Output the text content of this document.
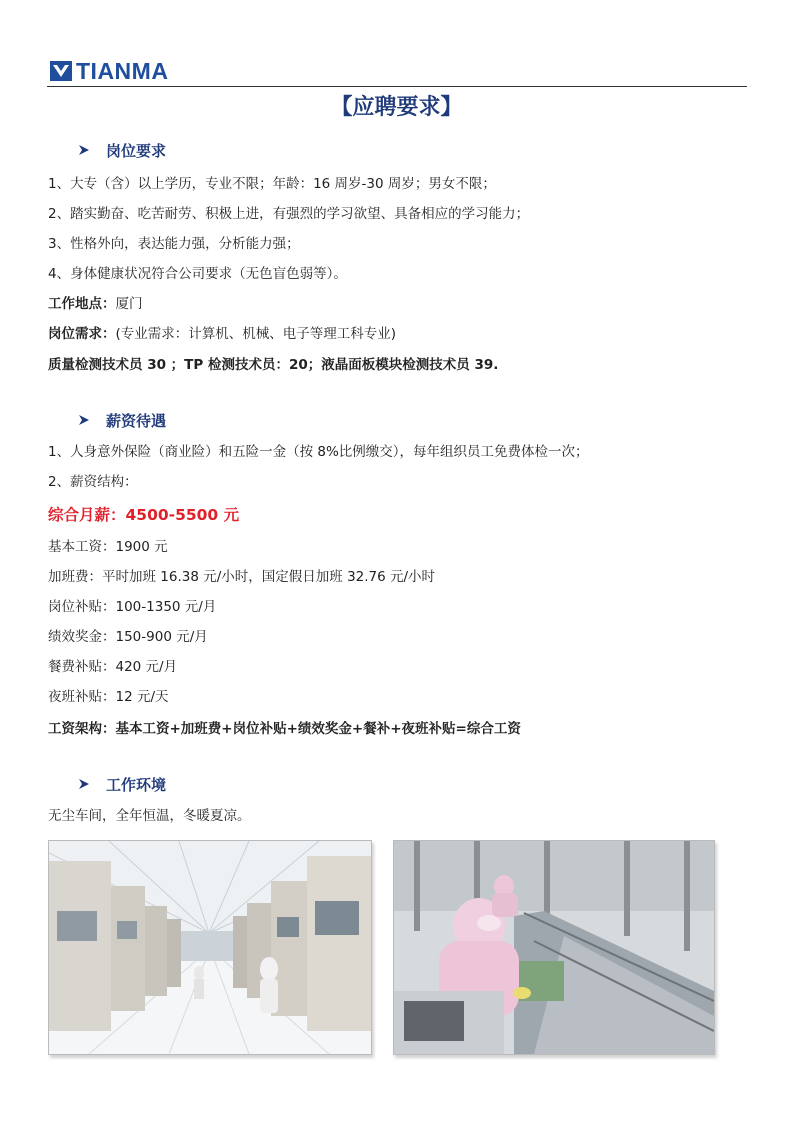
TIANMA
【应聘要求】
岗位要求
1、大专（含）以上学历，专业不限；年龄：16 周岁-30 周岁；男女不限；
2、踏实勤奋、吃苦耐劳、积极上进，有强烈的学习欲望、具备相应的学习能力；
3、性格外向，表达能力强，分析能力强；
4、身体健康状况符合公司要求（无色盲色弱等）。
工作地点：厦门
岗位需求：(专业需求：计算机、机械、电子等理工科专业)
质量检测技术员 30 ；TP 检测技术员：20；液晶面板模块检测技术员 39.
薪资待遇
1、人身意外保险（商业险）和五险一金（按 8%比例缴交），每年组织员工免费体检一次；
2、薪资结构：
综合月薪：4500-5500 元
基本工资：1900 元
加班费：平时加班 16.38 元/小时，国定假日加班 32.76 元/小时
岗位补贴：100-1350 元/月
绩效奖金：150-900 元/月
餐费补贴：420 元/月
夜班补贴：12 元/天
工资架构：基本工资+加班费+岗位补贴+绩效奖金+餐补+夜班补贴=综合工资
工作环境
无尘车间，全年恒温，冬暖夏凉。
